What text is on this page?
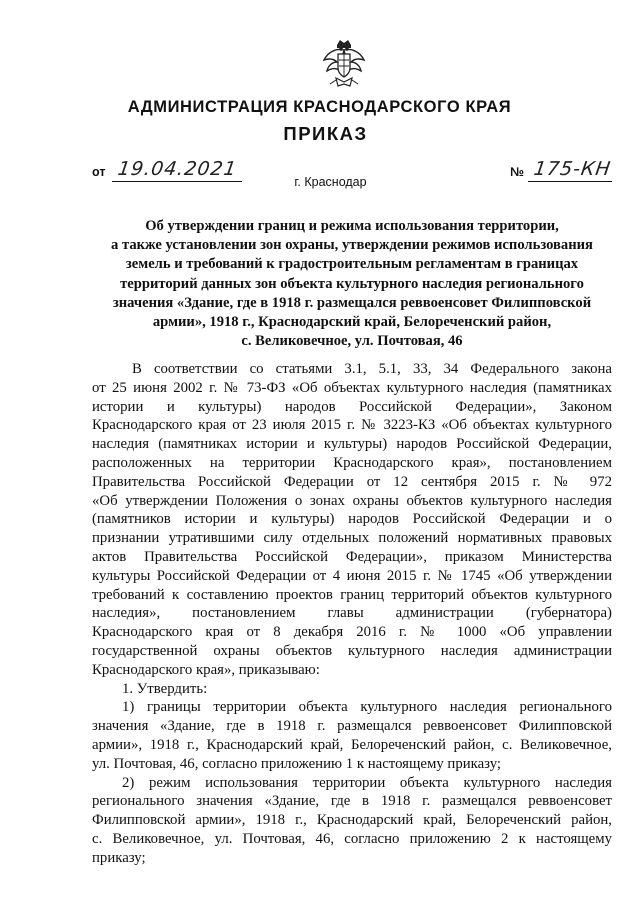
АДМИНИСТРАЦИЯ КРАСНОДАРСКОГО КРАЯ
ПРИКАЗ
от 19.04.2021	№ 175-КН
г. Краснодар
Об утверждении границ и режима использования территории,
а также установлении зон охраны, утверждении режимов использования
земель и требований к градостроительным регламентам в границах
территорий данных зон объекта культурного наследия регионального
значения «Здание, где в 1918 г. размещался реввоенсовет Филипповской
армии», 1918 г., Краснодарский край, Белореченский район,
с. Великовечное, ул. Почтовая, 46
В соответствии со статьями 3.1, 5.1, 33, 34 Федерального закона
от 25 июня 2002 г. № 73-ФЗ «Об объектах культурного наследия (памятниках
истории и культуры) народов Российской Федерации», Законом
Краснодарского края от 23 июля 2015 г. № 3223-КЗ «Об объектах культурного
наследия (памятниках истории и культуры) народов Российской Федерации,
расположенных на территории Краснодарского края», постановлением
Правительства Российской Федерации от 12 сентября 2015 г. № 972
«Об утверждении Положения о зонах охраны объектов культурного наследия
(памятников истории и культуры) народов Российской Федерации и о
признании утратившими силу отдельных положений нормативных правовых
актов Правительства Российской Федерации», приказом Министерства
культуры Российской Федерации от 4 июня 2015 г. № 1745 «Об утверждении
требований к составлению проектов границ территорий объектов культурного
наследия», постановлением главы администрации (губернатора)
Краснодарского края от 8 декабря 2016 г. № 1000 «Об управлении
государственной охраны объектов культурного наследия администрации
Краснодарского края», приказываю:
1. Утвердить:
1) границы территории объекта культурного наследия регионального
значения «Здание, где в 1918 г. размещался реввоенсовет Филипповской
армии», 1918 г., Краснодарский край, Белореченский район, с. Великовечное,
ул. Почтовая, 46, согласно приложению 1 к настоящему приказу;
2) режим использования территории объекта культурного наследия
регионального значения «Здание, где в 1918 г. размещался реввоенсовет
Филипповской армии», 1918 г., Краснодарский край, Белореченский район,
с. Великовечное, ул. Почтовая, 46, согласно приложению 2 к настоящему
приказу;
